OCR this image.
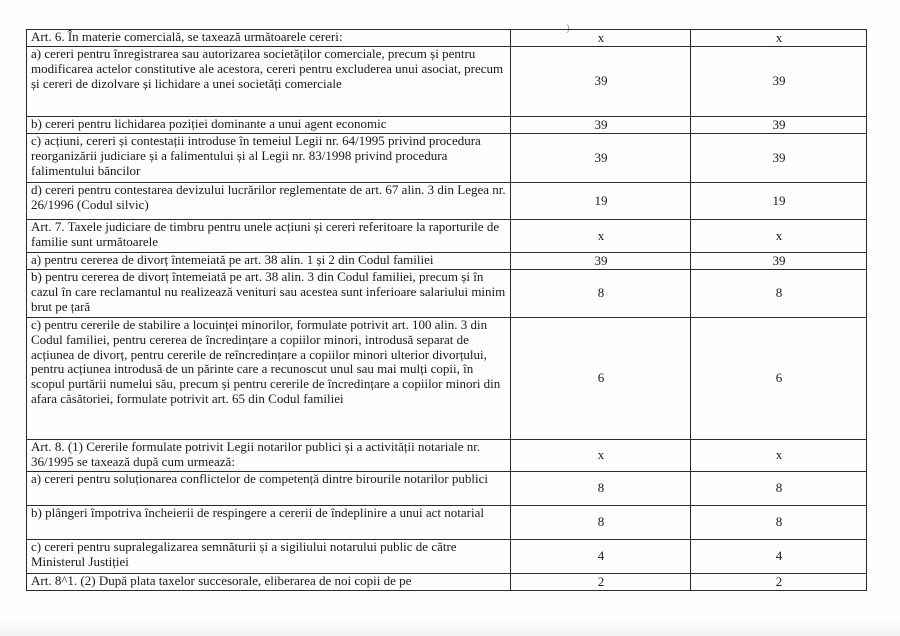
)
Art. 6. În materie comercială, se taxează următoarele cereri:	x	x
a) cereri pentru înregistrarea sau autorizarea societăților comerciale, precum și pentru modificarea actelor constitutive ale acestora, cereri pentru excluderea unui asociat, precum și cereri de dizolvare și lichidare a unei societăți comerciale	39	39
b) cereri pentru lichidarea poziției dominante a unui agent economic	39	39
c) acțiuni, cereri și contestații introduse în temeiul Legii nr. 64/1995 privind procedura reorganizării judiciare și a falimentului și al Legii nr. 83/1998 privind procedura falimentului băncilor	39	39
d) cereri pentru contestarea devizului lucrărilor reglementate de art. 67 alin. 3 din Legea nr. 26/1996 (Codul silvic)	19	19
Art. 7. Taxele judiciare de timbru pentru unele acțiuni și cereri referitoare la raporturile de familie sunt următoarele	x	x
a) pentru cererea de divorț întemeiată pe art. 38 alin. 1 și 2 din Codul familiei	39	39
b) pentru cererea de divorț întemeiată pe art. 38 alin. 3 din Codul familiei, precum și în cazul în care reclamantul nu realizează venituri sau acestea sunt inferioare salariului minim brut pe țară	8	8
c) pentru cererile de stabilire a locuinței minorilor, formulate potrivit art. 100 alin. 3 din Codul familiei, pentru cererea de încredințare a copiilor minori, introdusă separat de acțiunea de divorț, pentru cererile de reîncredințare a copiilor minori ulterior divorțului, pentru acțiunea introdusă de un părinte care a recunoscut unul sau mai mulți copii, în scopul purtării numelui său, precum și pentru cererile de încredințare a copiilor minori din afara căsătoriei, formulate potrivit art. 65 din Codul familiei	6	6
Art. 8. (1) Cererile formulate potrivit Legii notarilor publici și a activității notariale nr. 36/1995 se taxează după cum urmează:	x	x
a) cereri pentru soluționarea conflictelor de competență dintre birourile notarilor publici	8	8
b) plângeri împotriva încheierii de respingere a cererii de îndeplinire a unui act notarial	8	8
c) cereri pentru supralegalizarea semnăturii și a sigiliului notarului public de către Ministerul Justiției	4	4
Art. 8^1. (2) După plata taxelor succesorale, eliberarea de noi copii de pe	2	2
